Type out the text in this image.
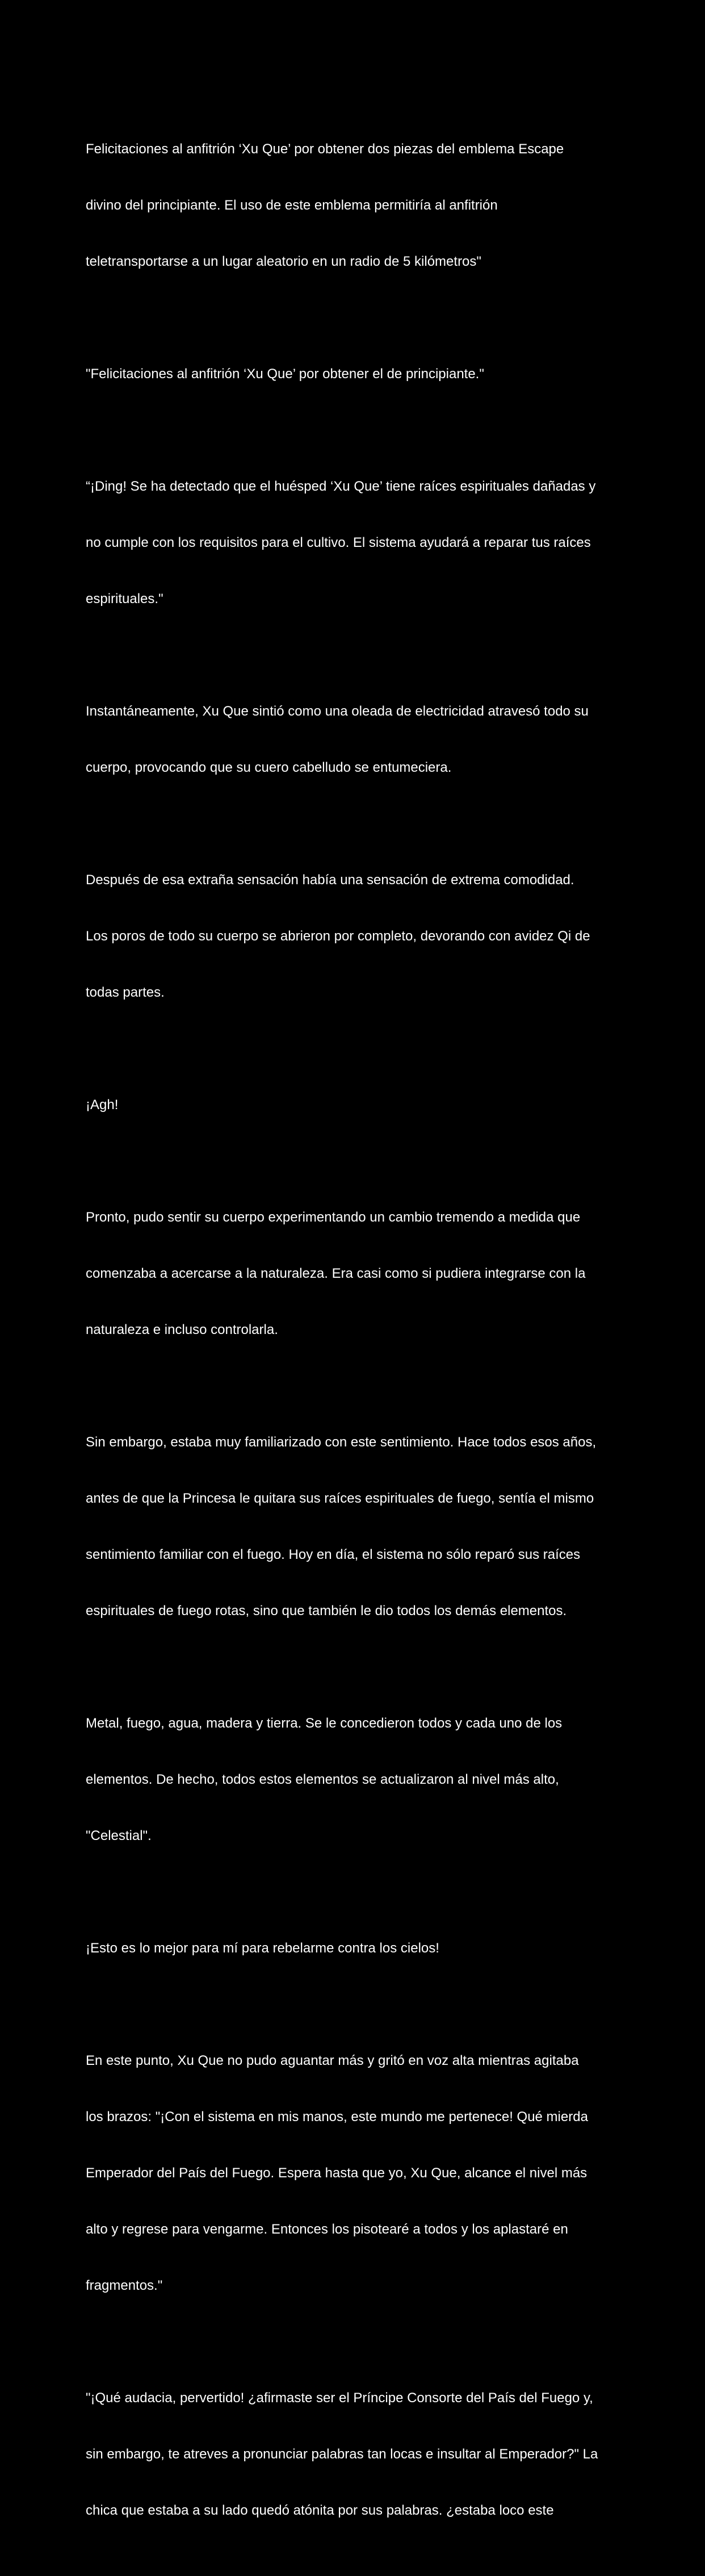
Felicitaciones al anfitrión ‘Xu Que’ por obtener dos piezas del emblema Escape

divino del principiante. El uso de este emblema permitiría al anfitrión

teletransportarse a un lugar aleatorio en un radio de 5 kilómetros"

"Felicitaciones al anfitrión ‘Xu Que’ por obtener el de principiante."

“¡Ding! Se ha detectado que el huésped ‘Xu Que’ tiene raíces espirituales dañadas y

no cumple con los requisitos para el cultivo. El sistema ayudará a reparar tus raíces

espirituales."

Instantáneamente, Xu Que sintió como una oleada de electricidad atravesó todo su

cuerpo, provocando que su cuero cabelludo se entumeciera.

Después de esa extraña sensación había una sensación de extrema comodidad.

Los poros de todo su cuerpo se abrieron por completo, devorando con avidez Qi de

todas partes.

¡Agh!

Pronto, pudo sentir su cuerpo experimentando un cambio tremendo a medida que

comenzaba a acercarse a la naturaleza. Era casi como si pudiera integrarse con la

naturaleza e incluso controlarla.

Sin embargo, estaba muy familiarizado con este sentimiento. Hace todos esos años,

antes de que la Princesa le quitara sus raíces espirituales de fuego, sentía el mismo

sentimiento familiar con el fuego. Hoy en día, el sistema no sólo reparó sus raíces

espirituales de fuego rotas, sino que también le dio todos los demás elementos.

Metal, fuego, agua, madera y tierra. Se le concedieron todos y cada uno de los

elementos. De hecho, todos estos elementos se actualizaron al nivel más alto,

"Celestial".

¡Esto es lo mejor para mí para rebelarme contra los cielos!

En este punto, Xu Que no pudo aguantar más y gritó en voz alta mientras agitaba

los brazos: "¡Con el sistema en mis manos, este mundo me pertenece! Qué mierda

Emperador del País del Fuego. Espera hasta que yo, Xu Que, alcance el nivel más

alto y regrese para vengarme. Entonces los pisotearé a todos y los aplastaré en

fragmentos."

"¡Qué audacia, pervertido! ¿afirmaste ser el Príncipe Consorte del País del Fuego y,

sin embargo, te atreves a pronunciar palabras tan locas e insultar al Emperador?" La

chica que estaba a su lado quedó atónita por sus palabras. ¿estaba loco este
